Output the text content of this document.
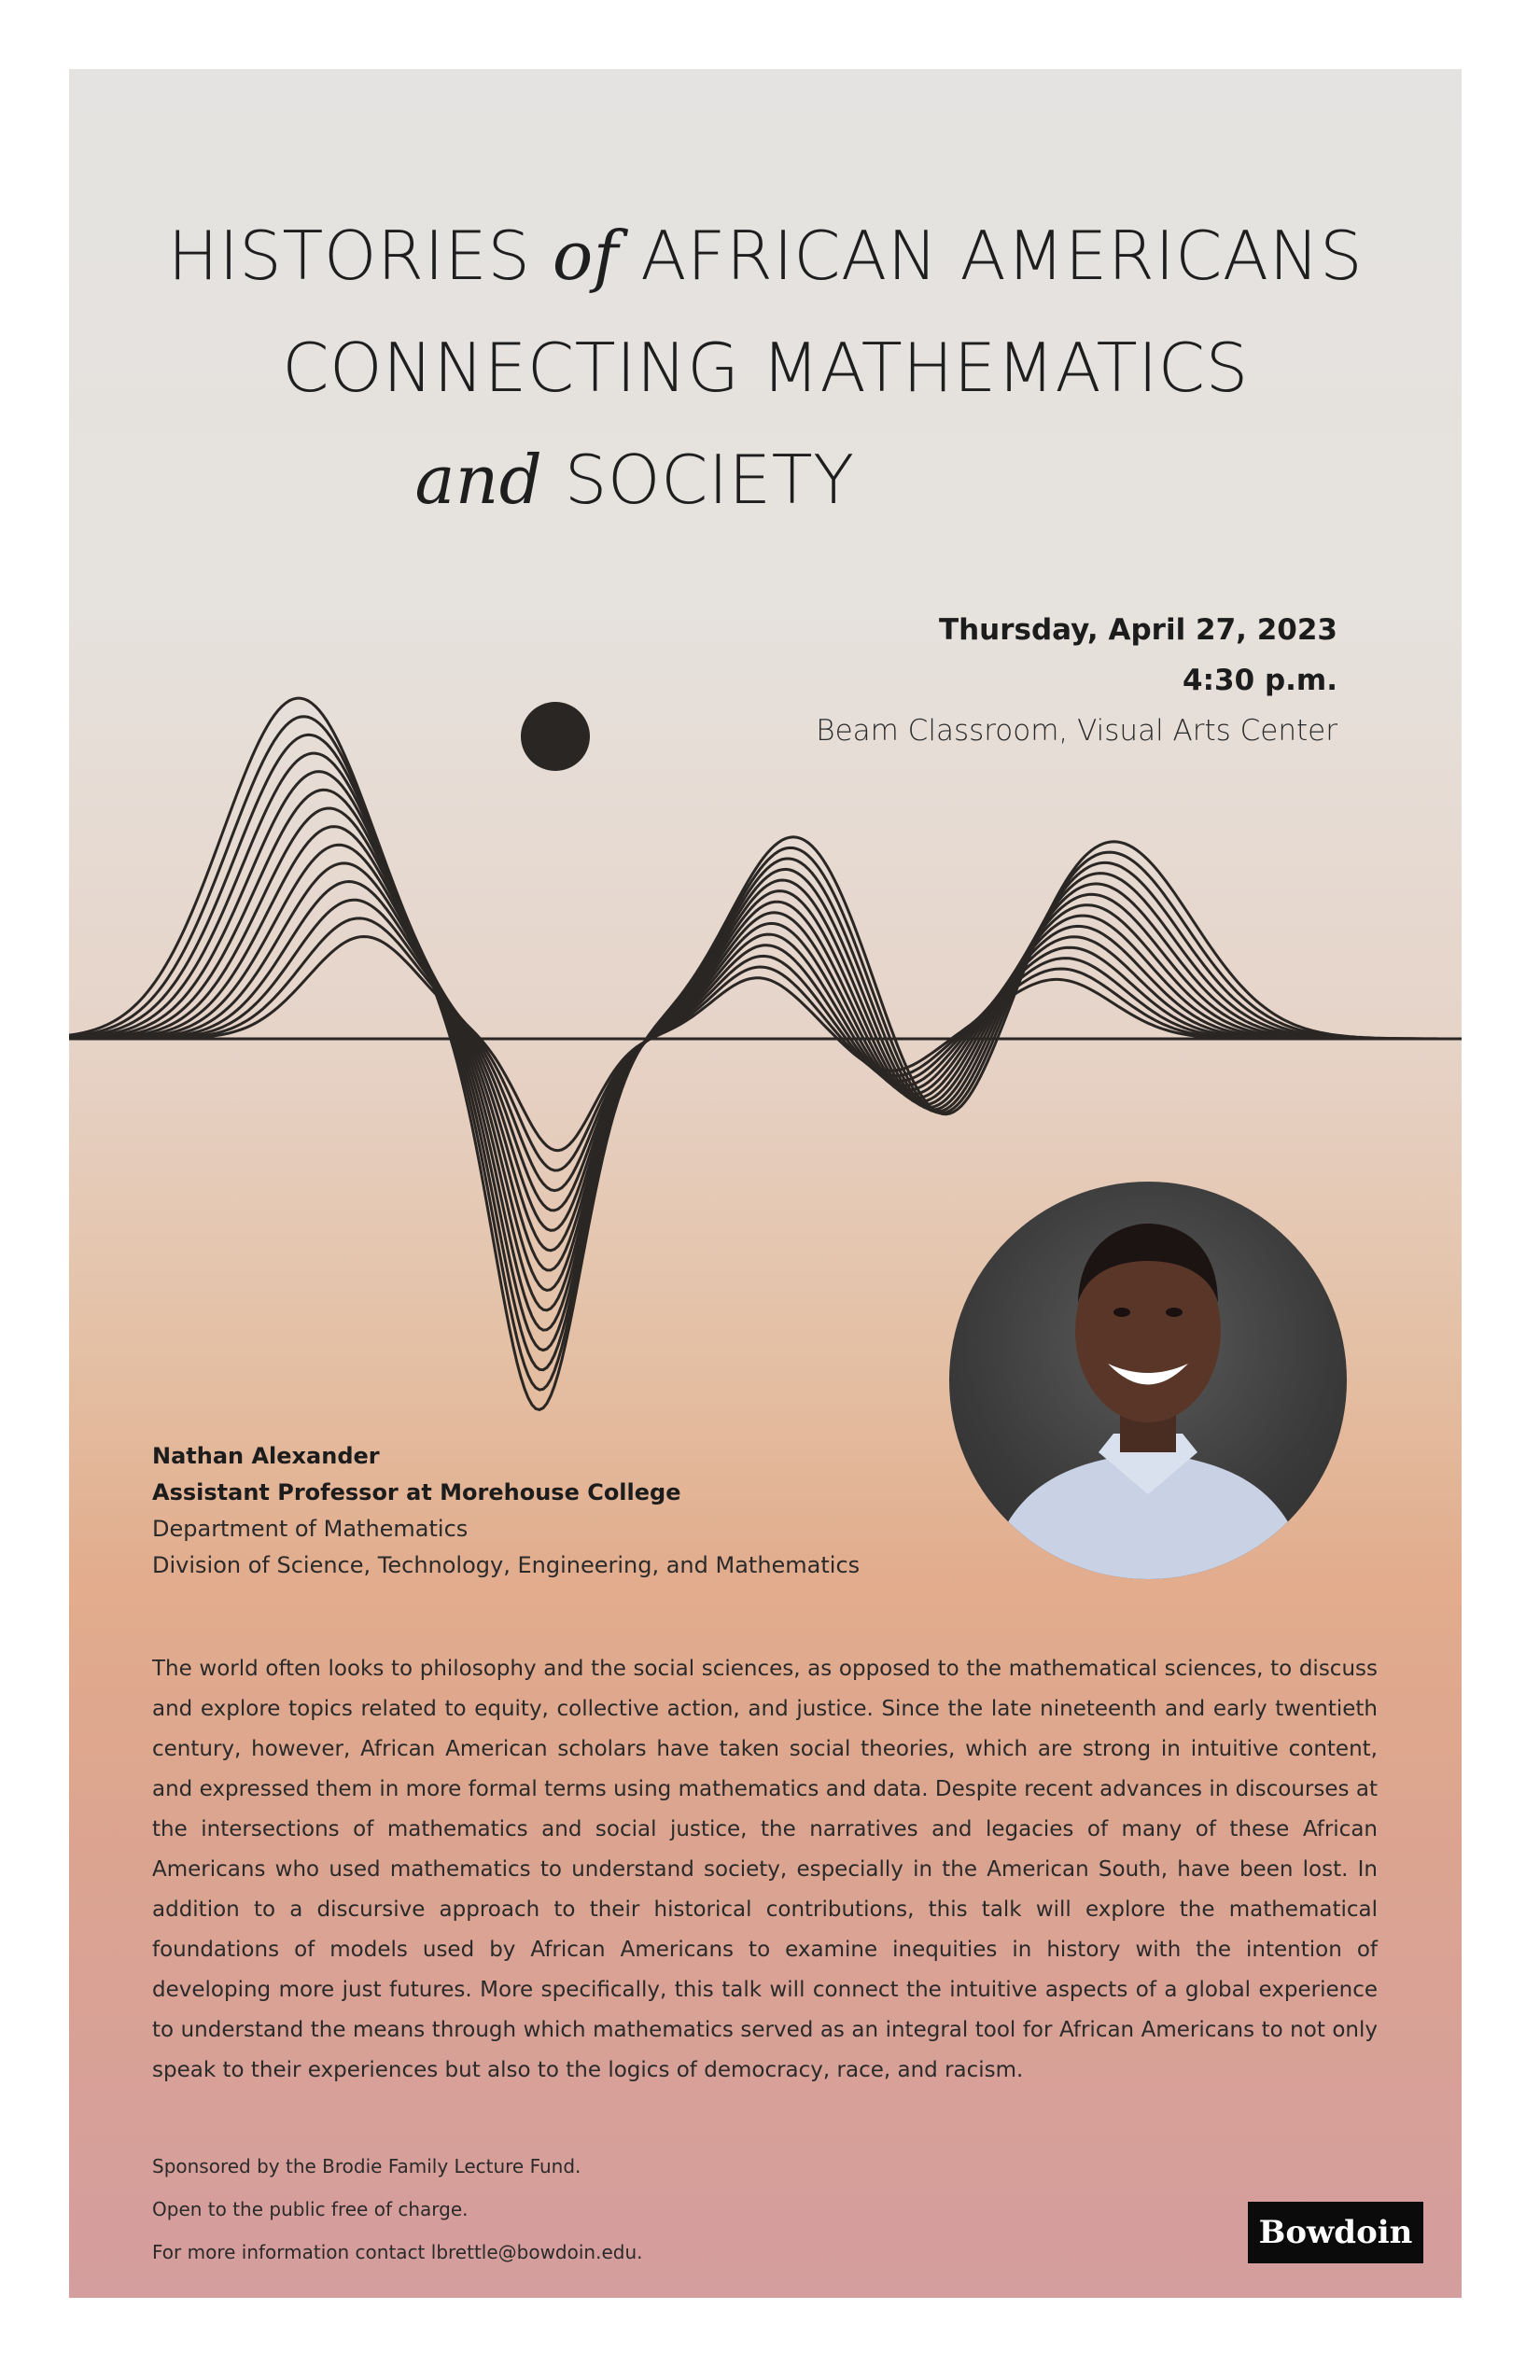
HISTORIES of AFRICAN AMERICANS
CONNECTING MATHEMATICS
and SOCIETY
Thursday, April 27, 2023
4:30 p.m.
Beam Classroom, Visual Arts Center
Nathan Alexander
Assistant Professor at Morehouse College
Department of Mathematics
Division of Science, Technology, Engineering, and Mathematics

The world often looks to philosophy and the social sciences, as opposed to the mathematical sciences, to discuss and explore topics related to equity, collective action, and justice. Since the late nineteenth and early twentieth century, however, African American scholars have taken social theories, which are strong in intuitive content, and expressed them in more formal terms using mathematics and data. Despite recent advances in discourses at the intersections of mathematics and social justice, the narratives and legacies of many of these African Americans who used mathematics to understand society, especially in the American South, have been lost. In addition to a discursive approach to their historical contributions, this talk will explore the mathematical foundations of models used by African Americans to examine inequities in history with the intention of developing more just futures. More specifically, this talk will connect the intuitive aspects of a global experience to understand the means through which mathematics served as an integral tool for African Americans to not only speak to their experiences but also to the logics of democracy, race, and racism.

Sponsored by the Brodie Family Lecture Fund.
Open to the public free of charge.
For more information contact lbrettle@bowdoin.edu.
Bowdoin
